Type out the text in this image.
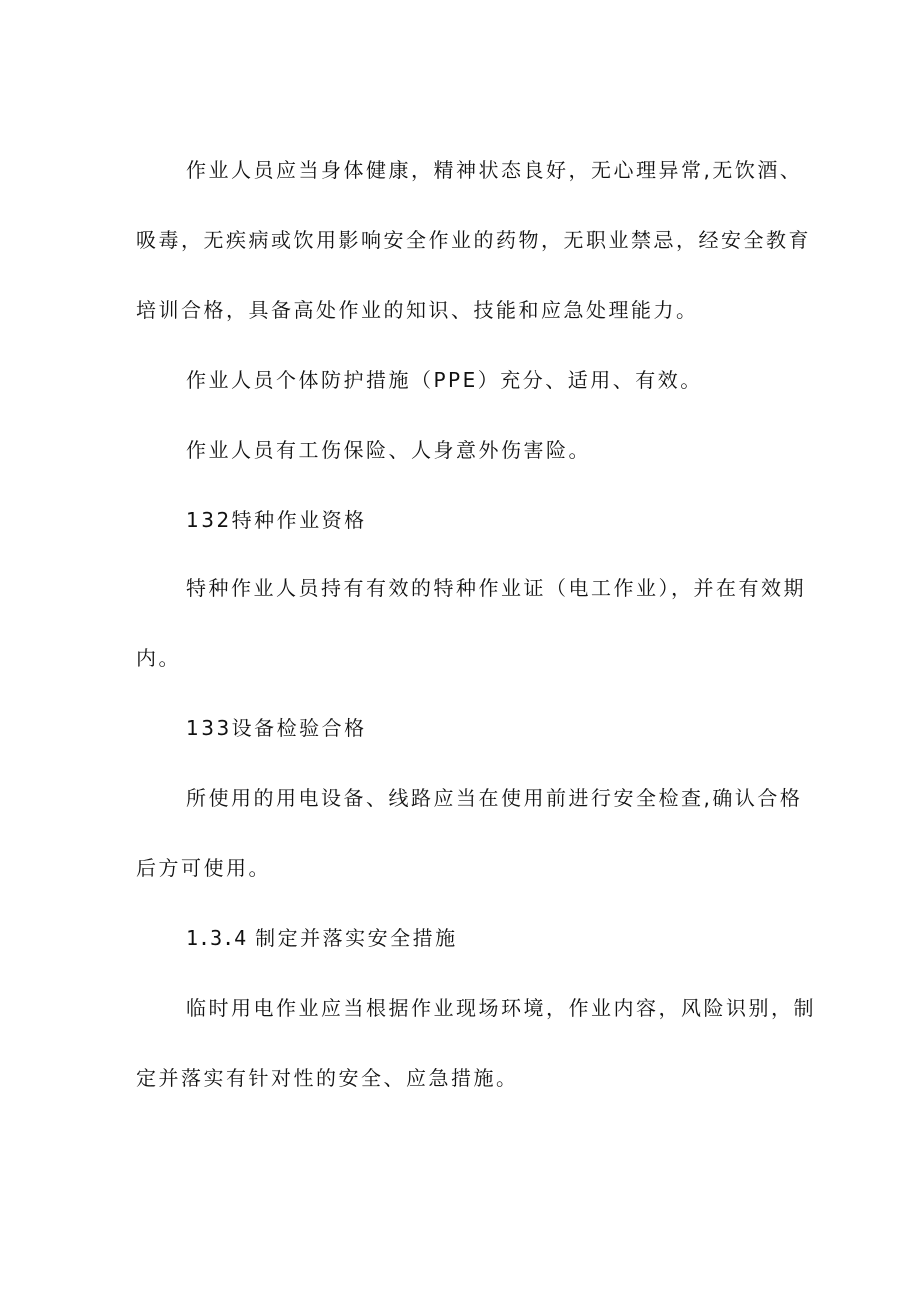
作业人员应当身体健康，精神状态良好，无心理异常,无饮酒、
吸毒，无疾病或饮用影响安全作业的药物，无职业禁忌，经安全教育
培训合格，具备高处作业的知识、技能和应急处理能力。
作业人员个体防护措施（PPE）充分、适用、有效。
作业人员有工伤保险、人身意外伤害险。
132特种作业资格
特种作业人员持有有效的特种作业证（电工作业），并在有效期
内。
133设备检验合格
所使用的用电设备、线路应当在使用前进行安全检查,确认合格
后方可使用。
1.3.4 制定并落实安全措施
临时用电作业应当根据作业现场环境，作业内容，风险识别，制
定并落实有针对性的安全、应急措施。
